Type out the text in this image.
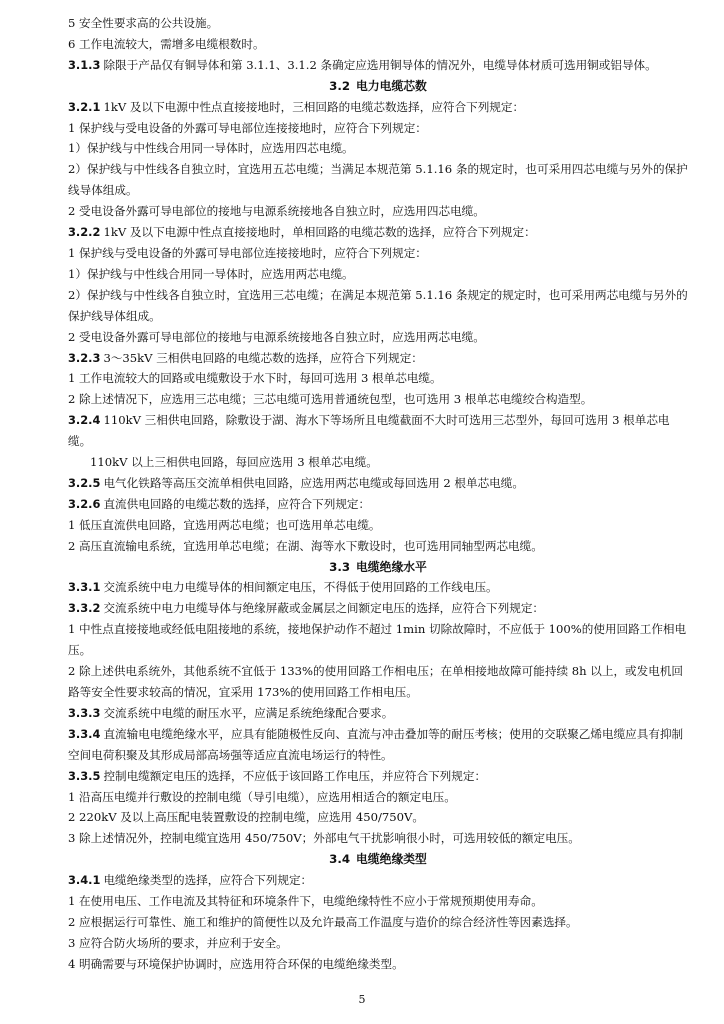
5 安全性要求高的公共设施。
6 工作电流较大，需增多电缆根数时。
3.1.3 除限于产品仅有铜导体和第 3.1.1、3.1.2 条确定应选用铜导体的情况外，电缆导体材质可选用铜或铝导体。
3.2 电力电缆芯数
3.2.1 1kV 及以下电源中性点直接接地时，三相回路的电缆芯数选择，应符合下列规定：
1 保护线与受电设备的外露可导电部位连接接地时，应符合下列规定：
1）保护线与中性线合用同一导体时，应选用四芯电缆。
2）保护线与中性线各自独立时，宜选用五芯电缆；当满足本规范第 5.1.16 条的规定时，也可采用四芯电缆与另外的保护线导体组成。
2 受电设备外露可导电部位的接地与电源系统接地各自独立时，应选用四芯电缆。
3.2.2 1kV 及以下电源中性点直接接地时，单相回路的电缆芯数的选择，应符合下列规定：
1 保护线与受电设备的外露可导电部位连接接地时，应符合下列规定：
1）保护线与中性线合用同一导体时，应选用两芯电缆。
2）保护线与中性线各自独立时，宜选用三芯电缆；在满足本规范第 5.1.16 条规定的规定时，也可采用两芯电缆与另外的保护线导体组成。
2 受电设备外露可导电部位的接地与电源系统接地各自独立时，应选用两芯电缆。
3.2.3 3～35kV 三相供电回路的电缆芯数的选择，应符合下列规定：
1 工作电流较大的回路或电缆敷设于水下时，每回可选用 3 根单芯电缆。
2 除上述情况下，应选用三芯电缆；三芯电缆可选用普通统包型，也可选用 3 根单芯电缆绞合构造型。
3.2.4 110kV 三相供电回路，除敷设于湖、海水下等场所且电缆截面不大时可选用三芯型外，每回可选用 3 根单芯电缆。
110kV 以上三相供电回路，每回应选用 3 根单芯电缆。
3.2.5 电气化铁路等高压交流单相供电回路，应选用两芯电缆或每回选用 2 根单芯电缆。
3.2.6 直流供电回路的电缆芯数的选择，应符合下列规定：
1 低压直流供电回路，宜选用两芯电缆；也可选用单芯电缆。
2 高压直流输电系统，宜选用单芯电缆；在湖、海等水下敷设时，也可选用同轴型两芯电缆。
3.3 电缆绝缘水平
3.3.1 交流系统中电力电缆导体的相间额定电压，不得低于使用回路的工作线电压。
3.3.2 交流系统中电力电缆导体与绝缘屏蔽或金属层之间额定电压的选择，应符合下列规定：
1 中性点直接接地或经低电阻接地的系统，接地保护动作不超过 1min 切除故障时，不应低于 100%的使用回路工作相电压。
2 除上述供电系统外，其他系统不宜低于 133%的使用回路工作相电压；在单相接地故障可能持续 8h 以上，或发电机回路等安全性要求较高的情况，宜采用 173%的使用回路工作相电压。
3.3.3 交流系统中电缆的耐压水平，应满足系统绝缘配合要求。
3.3.4 直流输电电缆绝缘水平，应具有能随极性反向、直流与冲击叠加等的耐压考核；使用的交联聚乙烯电缆应具有抑制空间电荷积聚及其形成局部高场强等适应直流电场运行的特性。
3.3.5 控制电缆额定电压的选择，不应低于该回路工作电压，并应符合下列规定：
1 沿高压电缆并行敷设的控制电缆（导引电缆），应选用相适合的额定电压。
2 220kV 及以上高压配电装置敷设的控制电缆，应选用 450/750V。
3 除上述情况外，控制电缆宜选用 450/750V；外部电气干扰影响很小时，可选用较低的额定电压。
3.4 电缆绝缘类型
3.4.1 电缆绝缘类型的选择，应符合下列规定：
1 在使用电压、工作电流及其特征和环境条件下，电缆绝缘特性不应小于常规预期使用寿命。
2 应根据运行可靠性、施工和维护的简便性以及允许最高工作温度与造价的综合经济性等因素选择。
3 应符合防火场所的要求，并应利于安全。
4 明确需要与环境保护协调时，应选用符合环保的电缆绝缘类型。
5
